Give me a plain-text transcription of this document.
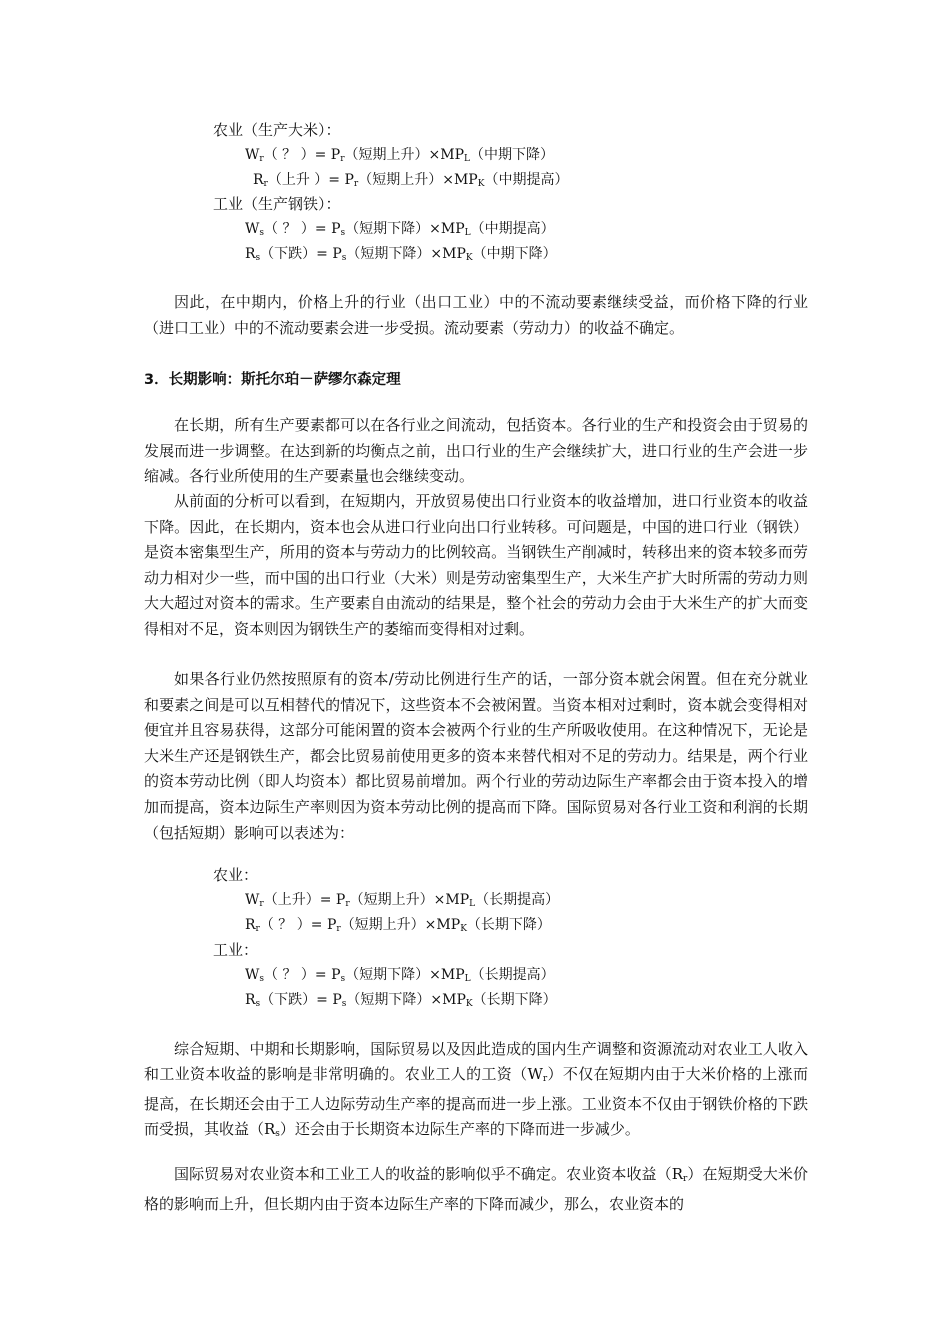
农业（生产大米）：
$W_r$（ ？ ）= $P_r$（短期上升）$\times MP_L$（中期下降）
$R_r$（上升 ）= $P_r$（短期上升）$\times MP_K$（中期提高）
工业（生产钢铁）：
$W_s$（ ？ ）= $P_s$（短期下降）$\times MP_L$（中期提高）
$R_s$（下跌）= $P_s$（短期下降）$\times MP_K$（中期下降）

因此，在中期内，价格上升的行业（出口工业）中的不流动要素继续受益，而价格下降的行业（进口工业）中的不流动要素会进一步受损。流动要素（劳动力）的收益不确定。

3．长期影响：斯托尔珀－萨缪尔森定理

在长期，所有生产要素都可以在各行业之间流动，包括资本。各行业的生产和投资会由于贸易的发展而进一步调整。在达到新的均衡点之前，出口行业的生产会继续扩大，进口行业的生产会进一步缩减。各行业所使用的生产要素量也会继续变动。

从前面的分析可以看到，在短期内，开放贸易使出口行业资本的收益增加，进口行业资本的收益下降。因此，在长期内，资本也会从进口行业向出口行业转移。可问题是，中国的进口行业（钢铁）是资本密集型生产，所用的资本与劳动力的比例较高。当钢铁生产削减时，转移出来的资本较多而劳动力相对少一些，而中国的出口行业（大米）则是劳动密集型生产，大米生产扩大时所需的劳动力则大大超过对资本的需求。生产要素自由流动的结果是，整个社会的劳动力会由于大米生产的扩大而变得相对不足，资本则因为钢铁生产的萎缩而变得相对过剩。

如果各行业仍然按照原有的资本/劳动比例进行生产的话，一部分资本就会闲置。但在充分就业和要素之间是可以互相替代的情况下，这些资本不会被闲置。当资本相对过剩时，资本就会变得相对便宜并且容易获得，这部分可能闲置的资本会被两个行业的生产所吸收使用。在这种情况下，无论是大米生产还是钢铁生产，都会比贸易前使用更多的资本来替代相对不足的劳动力。结果是，两个行业的资本劳动比例（即人均资本）都比贸易前增加。两个行业的劳动边际生产率都会由于资本投入的增加而提高，资本边际生产率则因为资本劳动比例的提高而下降。国际贸易对各行业工资和利润的长期（包括短期）影响可以表述为：

农业：
$W_r$（上升）= $P_r$（短期上升）$\times MP_L$（长期提高）
$R_r$（ ？ ）= $P_r$（短期上升）$\times MP_K$（长期下降）
工业：
$W_s$（ ？ ）= $P_s$（短期下降）$\times MP_L$（长期提高）
$R_s$（下跌）= $P_s$（短期下降）$\times MP_K$（长期下降）

综合短期、中期和长期影响，国际贸易以及因此造成的国内生产调整和资源流动对农业工人收入和工业资本收益的影响是非常明确的。农业工人的工资$(W_r)$不仅在短期内由于大米价格的上涨而提高，在长期还会由于工人边际劳动生产率的提高而进一步上涨。工业资本不仅由于钢铁价格的下跌而受损，其收益$(R_s)$还会由于长期资本边际生产率的下降而进一步减少。

国际贸易对农业资本和工业工人的收益的影响似乎不确定。农业资本收益$(R_r)$在短期受大米价格的影响而上升，但长期内由于资本边际生产率的下降而减少，那么，农业资本的
